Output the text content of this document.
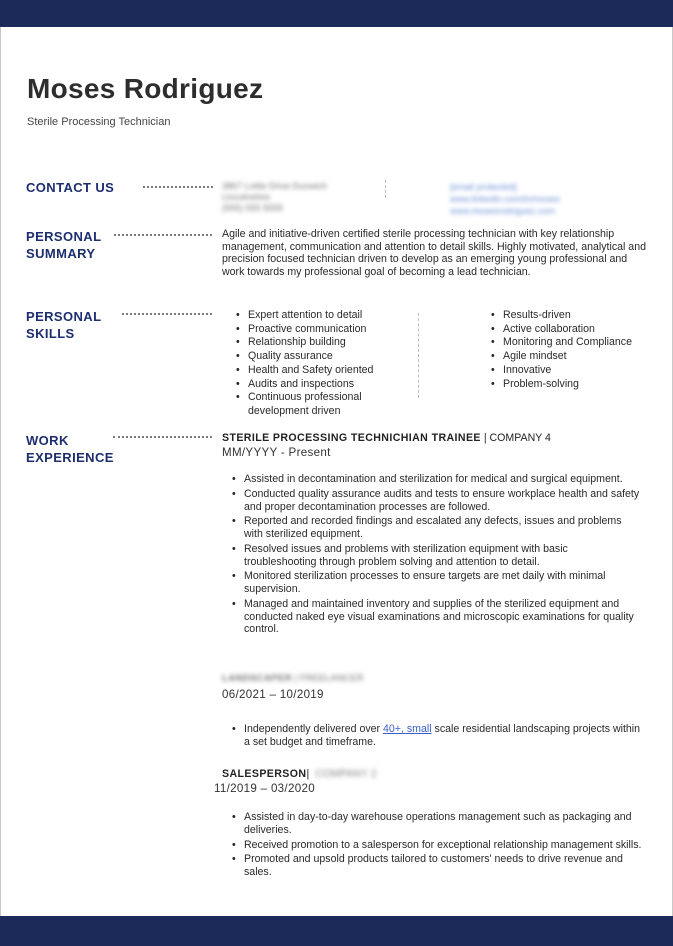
Moses Rodriguez
Sterile Processing Technician
CONTACT US	3867 Lottie Drive Dunwich
Lincolnshire
(555) 555 5555
[email protected]
www.linkedin.com/in/moses
www.mosesrodriguez.com
PERSONAL
SUMMARY
Agile and initiative-driven certified sterile processing technician with key relationship management, communication and attention to detail skills. Highly motivated, analytical and precision focused technician driven to develop as an emerging young professional and work towards my professional goal of becoming a lead technician.
PERSONAL
SKILLS
• Expert attention to detail
• Proactive communication
• Relationship building
• Quality assurance
• Health and Safety oriented
• Audits and inspections
• Continuous professional development driven
• Results-driven
• Active collaboration
• Monitoring and Compliance
• Agile mindset
• Innovative
• Problem-solving
WORK
EXPERIENCE
STERILE PROCESSING TECHNICHIAN TRAINEE | COMPANY 4
MM/YYYY - Present
• Assisted in decontamination and sterilization for medical and surgical equipment.
• Conducted quality assurance audits and tests to ensure workplace health and safety and proper decontamination processes are followed.
• Reported and recorded findings and escalated any defects, issues and problems with sterilized equipment.
• Resolved issues and problems with sterilization equipment with basic troubleshooting through problem solving and attention to detail.
• Monitored sterilization processes to ensure targets are met daily with minimal supervision.
• Managed and maintained inventory and supplies of the sterilized equipment and conducted naked eye visual examinations and microscopic examinations for quality control.
LANDSCAPER | FREELANCER
06/2021 – 10/2019
• Independently delivered over 40+, small scale residential landscaping projects within a set budget and timeframe.
SALESPERSON| COMPANY 2
11/2019 – 03/2020
• Assisted in day-to-day warehouse operations management such as packaging and deliveries.
• Received promotion to a salesperson for exceptional relationship management skills.
• Promoted and upsold products tailored to customers' needs to drive revenue and sales.
